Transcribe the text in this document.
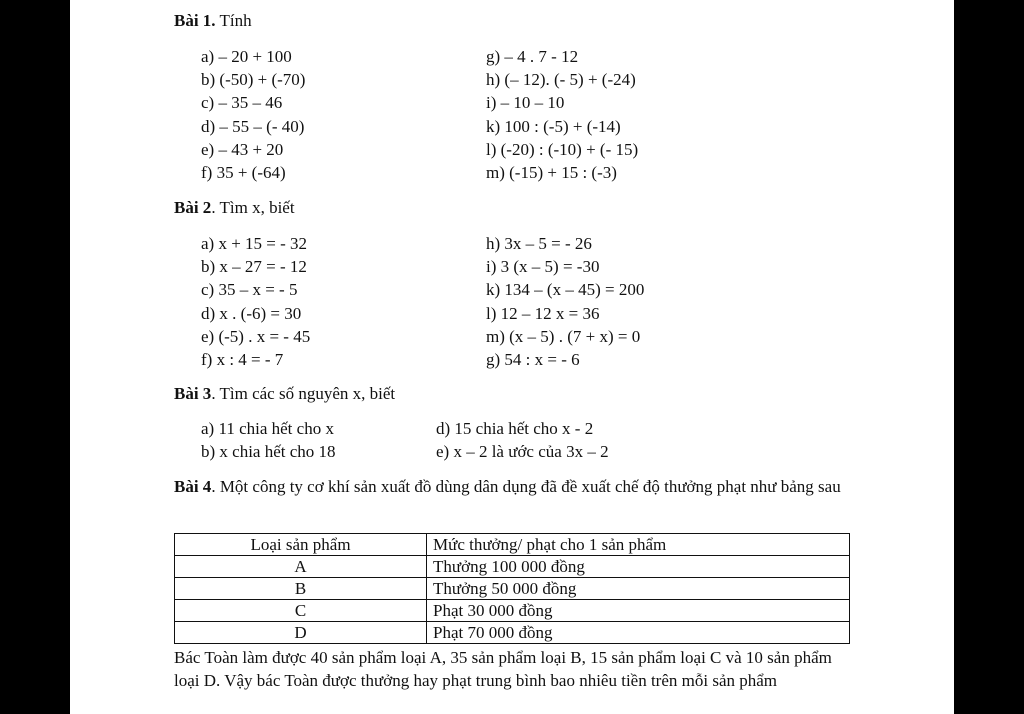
Bài 1. Tính
a) – 20 + 100
b) (-50) + (-70)
c) – 35 – 46
d) – 55 – (- 40)
e) – 43 + 20
f) 35 + (-64)
g) – 4 . 7 - 12
h) (– 12). (- 5) + (-24)
i) – 10 – 10
k) 100 : (-5) + (-14)
l) (-20) : (-10) + (- 15)
m) (-15) + 15 : (-3)
Bài 2. Tìm x, biết
a) x + 15 = - 32
b) x – 27 = - 12
c) 35 – x = - 5
d) x . (-6) = 30
e) (-5) . x = - 45
f) x : 4 = - 7
h) 3x – 5 = - 26
i) 3 (x – 5) = -30
k) 134 – (x – 45) = 200
l) 12 – 12 x = 36
m) (x – 5) . (7 + x) = 0
g) 54 : x = - 6
Bài 3. Tìm các số nguyên x, biết
a) 11 chia hết cho x
b) x chia hết cho 18
d) 15 chia hết cho x - 2
e) x – 2 là ước của 3x – 2
Bài 4. Một công ty cơ khí sản xuất đồ dùng dân dụng đã đề xuất chế độ thưởng phạt như bảng sau
Loại sản phẩm	Mức thưởng/ phạt cho 1 sản phẩm
A	Thưởng 100 000 đồng
B	Thưởng 50 000 đồng
C	Phạt 30 000 đồng
D	Phạt 70 000 đồng
Bác Toàn làm được 40 sản phẩm loại A, 35 sản phẩm loại B, 15 sản phẩm loại C và 10 sản phẩm loại D. Vậy bác Toàn được thưởng hay phạt trung bình bao nhiêu tiền trên mỗi sản phẩm
